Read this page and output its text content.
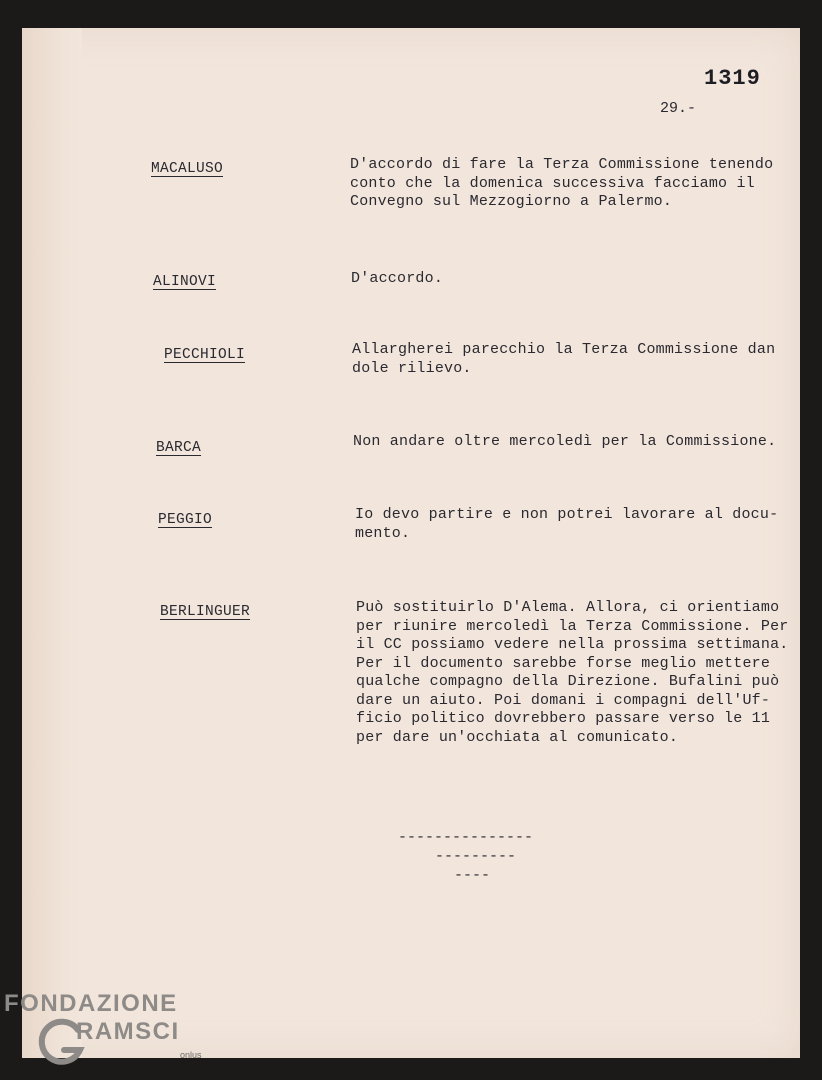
1319
29.-
MACALUSO	D'accordo di fare la Terza Commissione tenendo
conto che la domenica successiva facciamo il
Convegno sul Mezzogiorno a Palermo.
ALINOVI	D'accordo.
PECCHIOLI	Allargherei parecchio la Terza Commissione dan
dole rilievo.
BARCA	Non andare oltre mercoledì per la Commissione.
PEGGIO	Io devo partire e non potrei lavorare al docu-
mento.
BERLINGUER	Può sostituirlo D'Alema. Allora, ci orientiamo
per riunire mercoledì la Terza Commissione. Per
il CC possiamo vedere nella prossima settimana.
Per il documento sarebbe forse meglio mettere
qualche compagno della Direzione. Bufalini può
dare un aiuto. Poi domani i compagni dell'Uf-
ficio politico dovrebbero passare verso le 11
per dare un'occhiata al comunicato.
---------------
---------
----
FONDAZIONE
RAMSCI
onlus
